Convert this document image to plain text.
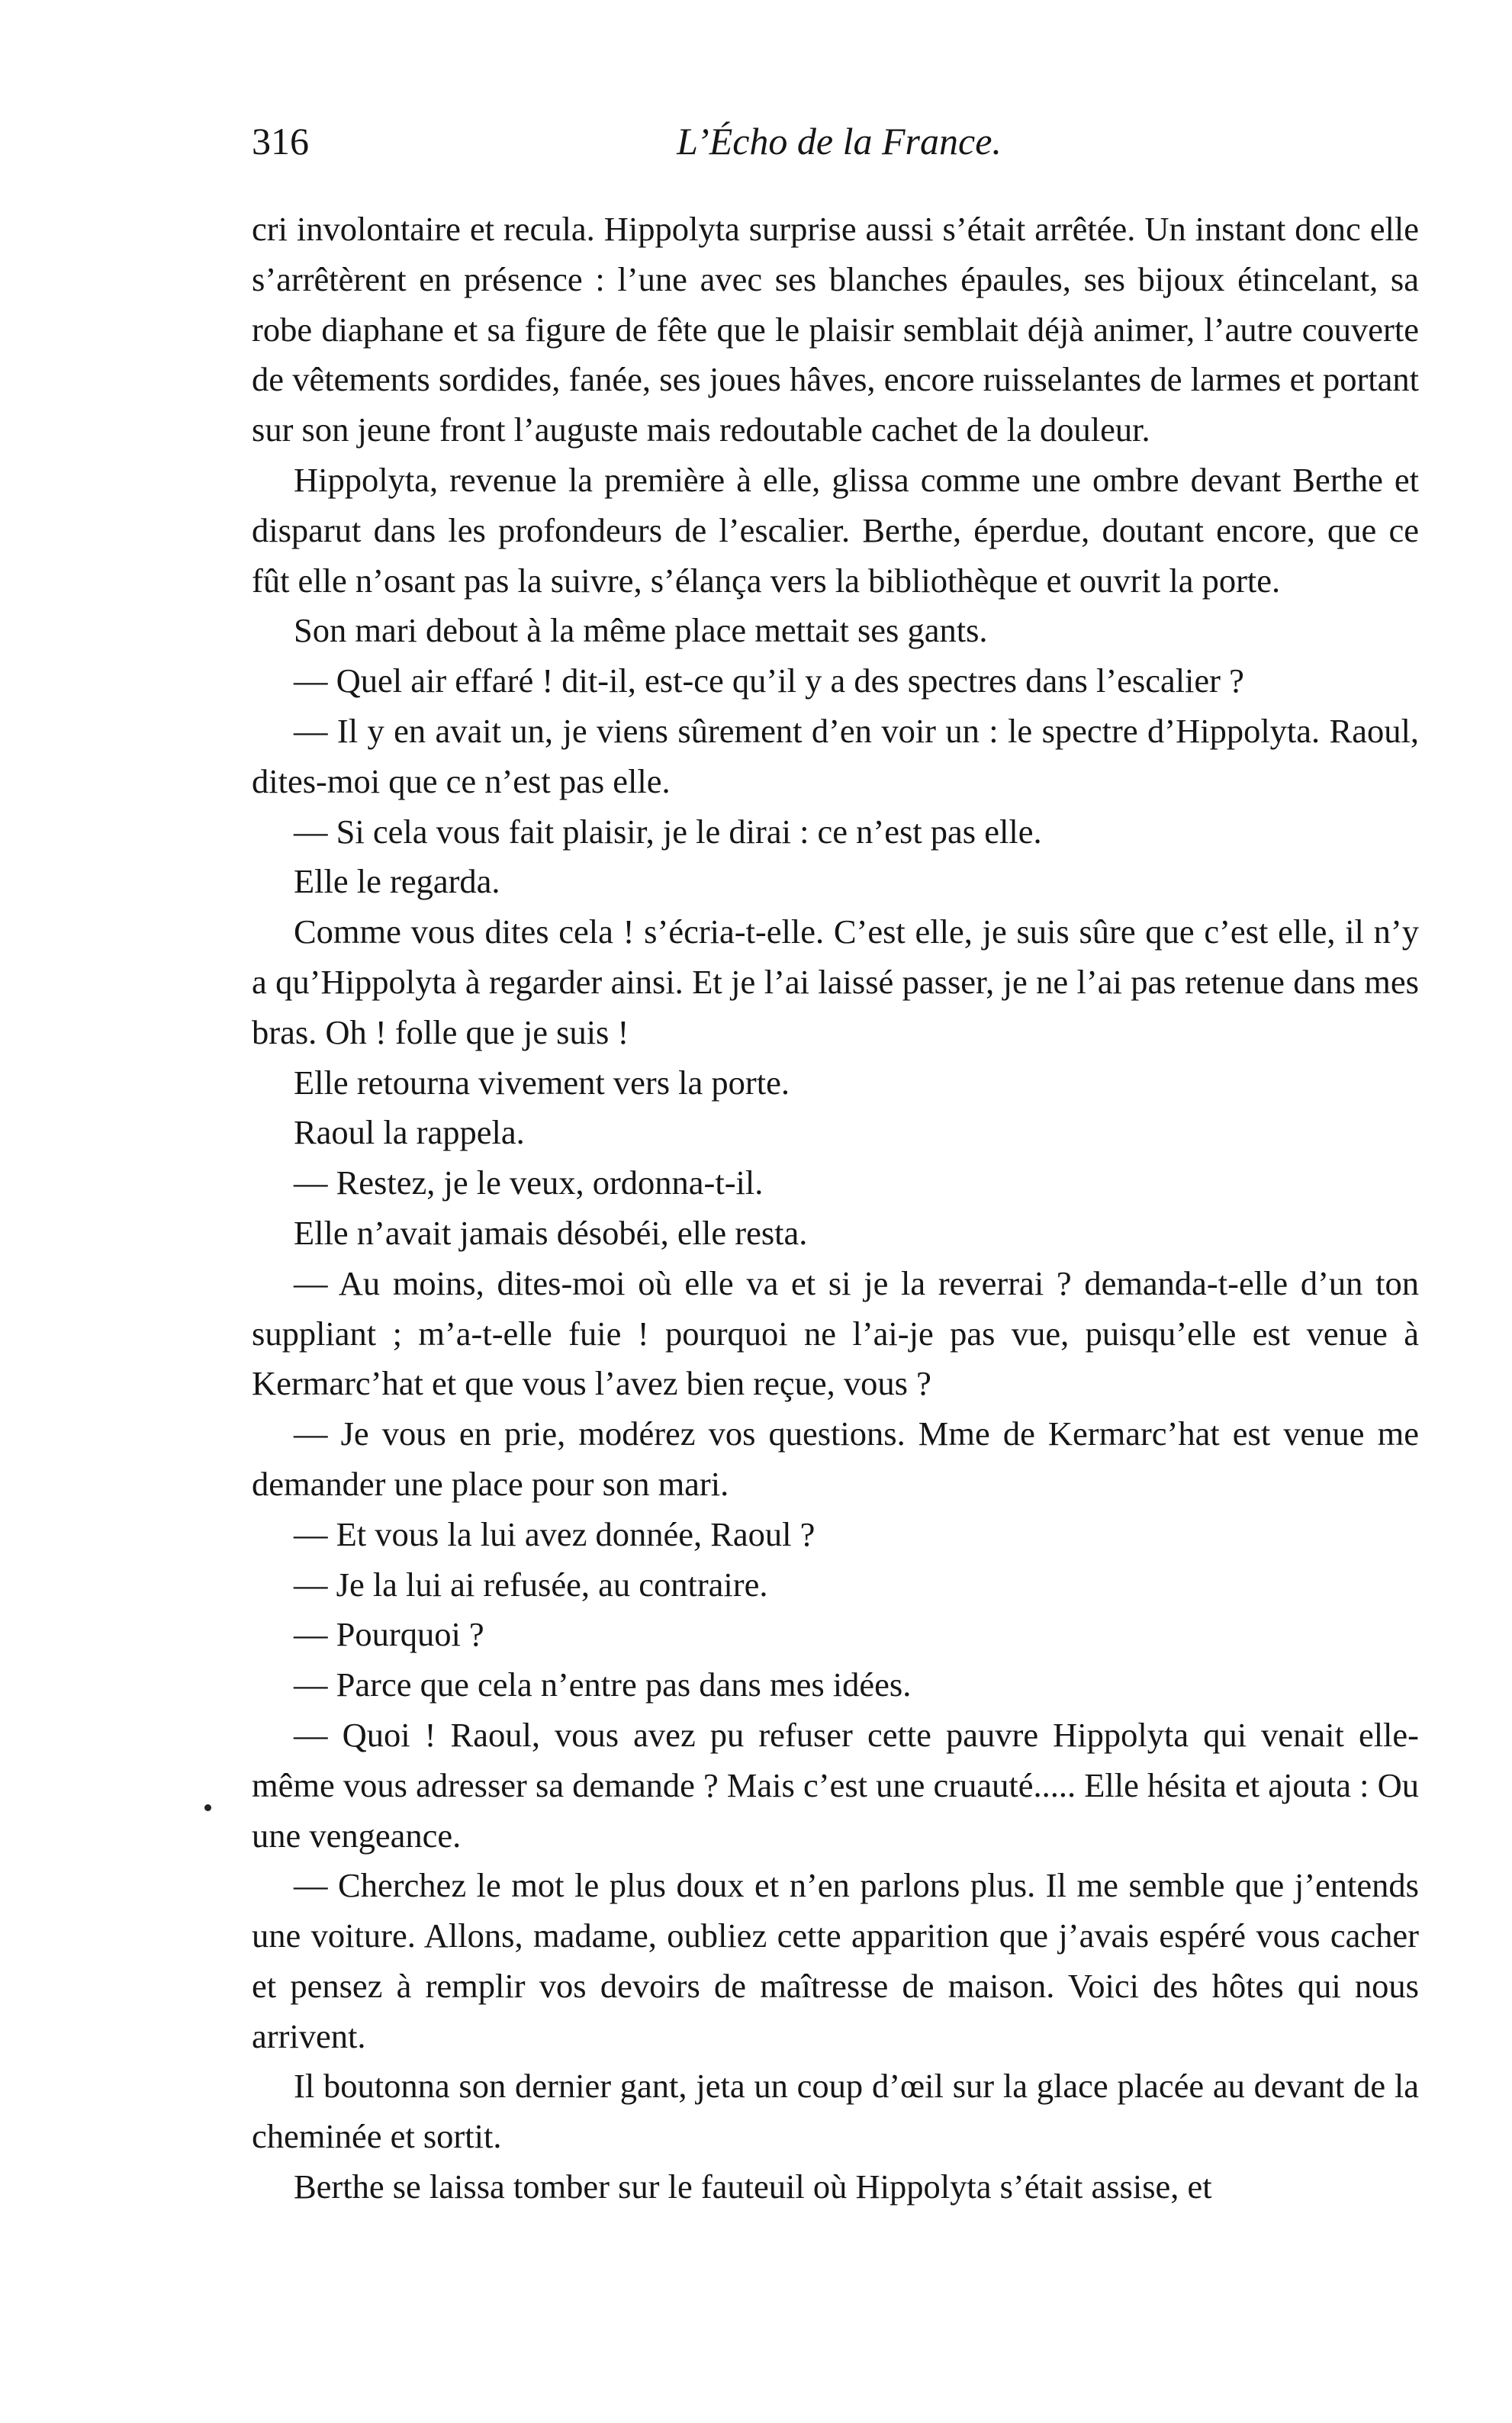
316	L’Écho de la France.

cri involontaire et recula. Hippolyta surprise aussi s’était arrêtée. Un instant donc elle s’arrêtèrent en présence : l’une avec ses blanches épaules, ses bijoux étincelant, sa robe diaphane et sa figure de fête que le plaisir semblait déjà animer, l’autre couverte de vêtements sordides, fanée, ses joues hâves, encore ruisselantes de larmes et portant sur son jeune front l’auguste mais redoutable cachet de la douleur.

Hippolyta, revenue la première à elle, glissa comme une ombre devant Berthe et disparut dans les profondeurs de l’escalier. Berthe, éperdue, doutant encore, que ce fût elle n’osant pas la suivre, s’élança vers la bibliothèque et ouvrit la porte.

Son mari debout à la même place mettait ses gants.

— Quel air effaré ! dit-il, est-ce qu’il y a des spectres dans l’escalier ?

— Il y en avait un, je viens sûrement d’en voir un : le spectre d’Hippolyta. Raoul, dites-moi que ce n’est pas elle.

— Si cela vous fait plaisir, je le dirai : ce n’est pas elle.

Elle le regarda.

Comme vous dites cela ! s’écria-t-elle. C’est elle, je suis sûre que c’est elle, il n’y a qu’Hippolyta à regarder ainsi. Et je l’ai laissé passer, je ne l’ai pas retenue dans mes bras. Oh ! folle que je suis !

Elle retourna vivement vers la porte.

Raoul la rappela.

— Restez, je le veux, ordonna-t-il.

Elle n’avait jamais désobéi, elle resta.

— Au moins, dites-moi où elle va et si je la reverrai ? demanda-t-elle d’un ton suppliant ; m’a-t-elle fuie ! pourquoi ne l’ai-je pas vue, puisqu’elle est venue à Kermarc’hat et que vous l’avez bien reçue, vous ?

— Je vous en prie, modérez vos questions. Mme de Kermarc’hat est venue me demander une place pour son mari.

— Et vous la lui avez donnée, Raoul ?

— Je la lui ai refusée, au contraire.

— Pourquoi ?

— Parce que cela n’entre pas dans mes idées.

— Quoi ! Raoul, vous avez pu refuser cette pauvre Hippolyta qui venait elle-même vous adresser sa demande ? Mais c’est une cruauté..... Elle hésita et ajouta : Ou une vengeance.

— Cherchez le mot le plus doux et n’en parlons plus. Il me semble que j’entends une voiture. Allons, madame, oubliez cette apparition que j’avais espéré vous cacher et pensez à remplir vos devoirs de maîtresse de maison. Voici des hôtes qui nous arrivent.

Il boutonna son dernier gant, jeta un coup d’œil sur la glace placée au devant de la cheminée et sortit.

Berthe se laissa tomber sur le fauteuil où Hippolyta s’était assise, et
